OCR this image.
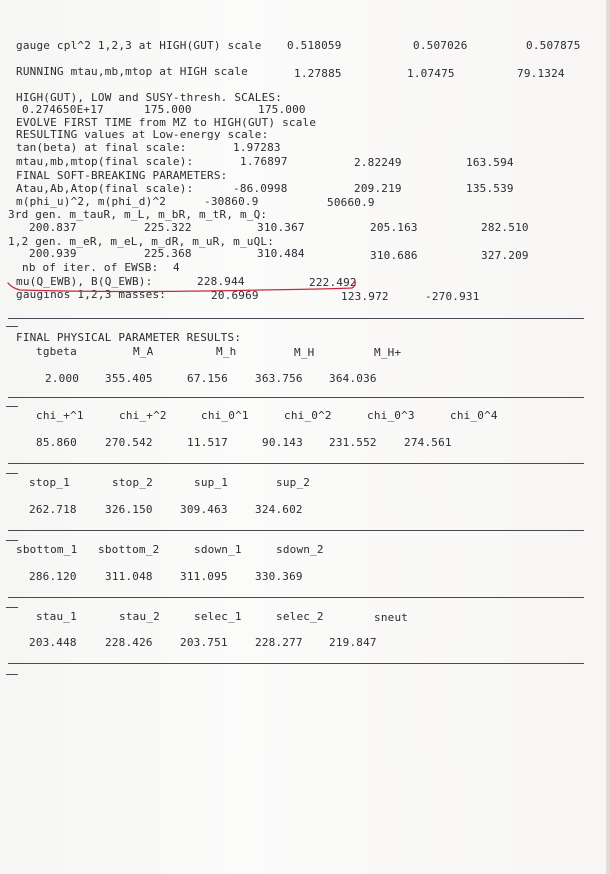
gauge cpl^2 1,2,3 at HIGH(GUT) scale 0.518059	0.507026	0.507875
RUNNING mtau,mb,mtop at HIGH scale	1.27885	1.07475	79.1324
HIGH(GUT), LOW and SUSY-thresh. SCALES:
0.274650E+17	175.000	175.000
EVOLVE FIRST TIME from MZ to HIGH(GUT) scale
RESULTING values at Low-energy scale:
tan(beta) at final scale:	1.97283
mtau,mb,mtop(final scale):	1.76897	2.82249	163.594
FINAL SOFT-BREAKING PARAMETERS:
Atau,Ab,Atop(final scale):	-86.0998	209.219	135.539
m(phi_u)^2, m(phi_d)^2	-30860.9	50660.9
3rd gen. m_tauR, m_L, m_bR, m_tR, m_Q:
200.837	225.322	310.367	205.163	282.510
1,2 gen. m_eR, m_eL, m_dR, m_uR, m_uQL:
200.939	225.368	310.484	310.686	327.209
nb of iter. of EWSB: 4
mu(Q_EWB), B(Q_EWB):	228.944	222.492
gauginos 1,2,3 masses:	20.6969	123.972	-270.931
FINAL PHYSICAL PARAMETER RESULTS:
tgbeta	M_A	M_h	M_H	M_H+
2.000 355.405	67.156 363.756 364.036
chi_+^1	chi_+^2	chi_0^1	chi_0^2	chi_0^3	chi_0^4
85.860	270.542	11.517	90.143 231.552 274.561
stop_1	stop_2	sup_1	sup_2
262.718	326.150 309.463 324.602
sbottom_1 sbottom_2	sdown_1	sdown_2
286.120	311.048 311.095 330.369
stau_1	stau_2	selec_1	selec_2	sneut
203.448	228.426 203.751 228.277 219.847
